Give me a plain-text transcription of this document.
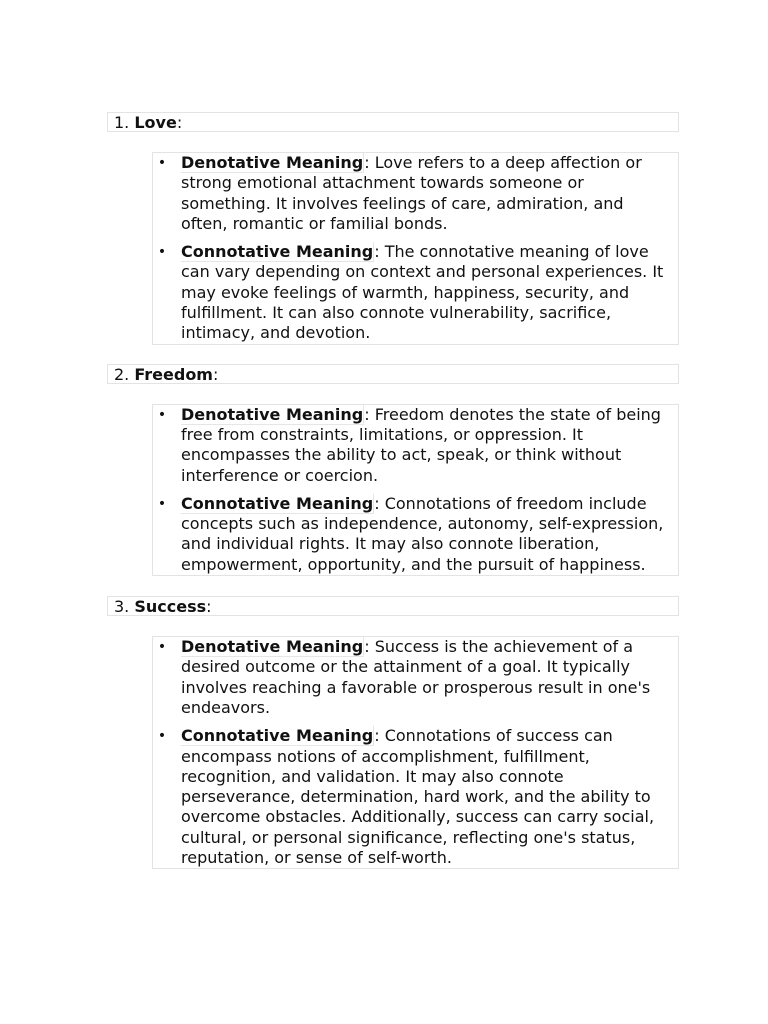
1. Love:
• Denotative Meaning: Love refers to a deep affection or strong emotional attachment towards someone or something. It involves feelings of care, admiration, and often, romantic or familial bonds.
• Connotative Meaning: The connotative meaning of love can vary depending on context and personal experiences. It may evoke feelings of warmth, happiness, security, and fulfillment. It can also connote vulnerability, sacrifice, intimacy, and devotion.
2. Freedom:
• Denotative Meaning: Freedom denotes the state of being free from constraints, limitations, or oppression. It encompasses the ability to act, speak, or think without interference or coercion.
• Connotative Meaning: Connotations of freedom include concepts such as independence, autonomy, self-expression, and individual rights. It may also connote liberation, empowerment, opportunity, and the pursuit of happiness.
3. Success:
• Denotative Meaning: Success is the achievement of a desired outcome or the attainment of a goal. It typically involves reaching a favorable or prosperous result in one's endeavors.
• Connotative Meaning: Connotations of success can encompass notions of accomplishment, fulfillment, recognition, and validation. It may also connote perseverance, determination, hard work, and the ability to overcome obstacles. Additionally, success can carry social, cultural, or personal significance, reflecting one's status, reputation, or sense of self-worth.
